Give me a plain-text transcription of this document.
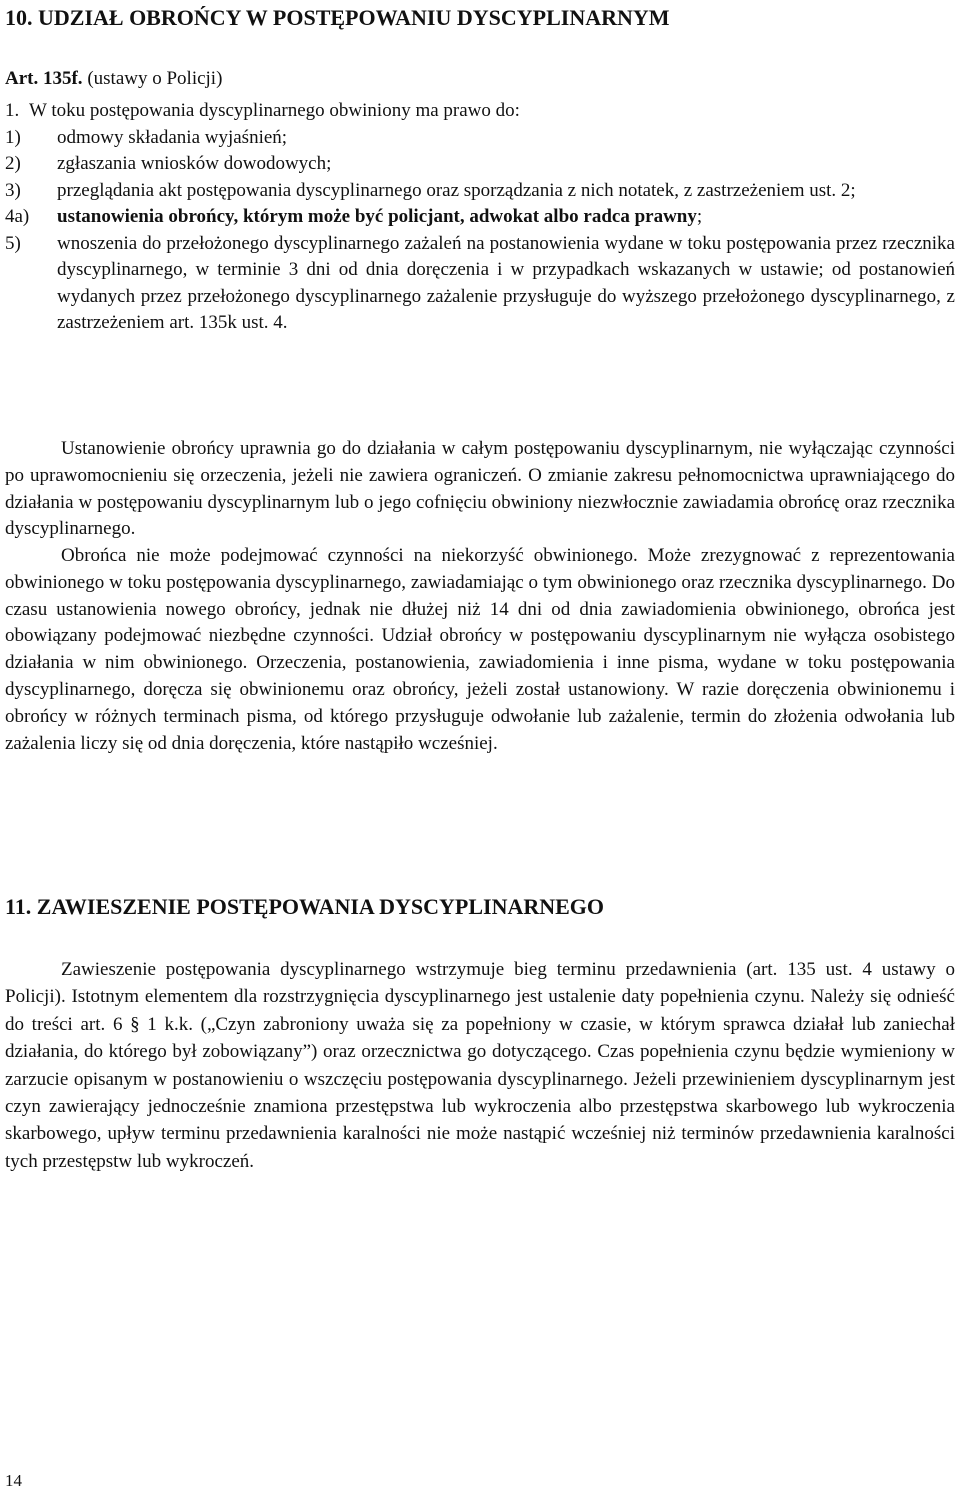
10. UDZIAŁ OBROŃCY W POSTĘPOWANIU DYSCYPLINARNYM
Art. 135f. (ustawy o Policji)
1. W toku postępowania dyscyplinarnego obwiniony ma prawo do:
1) odmowy składania wyjaśnień;
2) zgłaszania wniosków dowodowych;
3) przeglądania akt postępowania dyscyplinarnego oraz sporządzania z nich notatek, z zastrzeżeniem ust. 2;
4a) ustanowienia obrońcy, którym może być policjant, adwokat albo radca prawny;
5) wnoszenia do przełożonego dyscyplinarnego zażaleń na postanowienia wydane w toku postępowania przez rzecznika dyscyplinarnego, w terminie 3 dni od dnia doręczenia i w przypadkach wskazanych w ustawie; od postanowień wydanych przez przełożonego dyscyplinarnego zażalenie przysługuje do wyższego przełożonego dyscyplinarnego, z zastrzeżeniem art. 135k ust. 4.

Ustanowienie obrońcy uprawnia go do działania w całym postępowaniu dyscyplinarnym, nie wyłączając czynności po uprawomocnieniu się orzeczenia, jeżeli nie zawiera ograniczeń. O zmianie zakresu pełnomocnictwa uprawniającego do działania w postępowaniu dyscyplinarnym lub o jego cofnięciu obwiniony niezwłocznie zawiadamia obrońcę oraz rzecznika dyscyplinarnego.

Obrońca nie może podejmować czynności na niekorzyść obwinionego. Może zrezygnować z reprezentowania obwinionego w toku postępowania dyscyplinarnego, zawiadamiając o tym obwinionego oraz rzecznika dyscyplinarnego. Do czasu ustanowienia nowego obrońcy, jednak nie dłużej niż 14 dni od dnia zawiadomienia obwinionego, obrońca jest obowiązany podejmować niezbędne czynności. Udział obrońcy w postępowaniu dyscyplinarnym nie wyłącza osobistego działania w nim obwinionego. Orzeczenia, postanowienia, zawiadomienia i inne pisma, wydane w toku postępowania dyscyplinarnego, doręcza się obwinionemu oraz obrońcy, jeżeli został ustanowiony. W razie doręczenia obwinionemu i obrońcy w różnych terminach pisma, od którego przysługuje odwołanie lub zażalenie, termin do złożenia odwołania lub zażalenia liczy się od dnia doręczenia, które nastąpiło wcześniej.

11. ZAWIESZENIE POSTĘPOWANIA DYSCYPLINARNEGO

Zawieszenie postępowania dyscyplinarnego wstrzymuje bieg terminu przedawnienia (art. 135 ust. 4 ustawy o Policji). Istotnym elementem dla rozstrzygnięcia dyscyplinarnego jest ustalenie daty popełnienia czynu. Należy się odnieść do treści art. 6 § 1 k.k. („Czyn zabroniony uważa się za popełniony w czasie, w którym sprawca działał lub zaniechał działania, do którego był zobowiązany”) oraz orzecznictwa go dotyczącego. Czas popełnienia czynu będzie wymieniony w zarzucie opisanym w postanowieniu o wszczęciu postępowania dyscyplinarnego. Jeżeli przewinieniem dyscyplinarnym jest czyn zawierający jednocześnie znamiona przestępstwa lub wykroczenia albo przestępstwa skarbowego lub wykroczenia skarbowego, upływ terminu przedawnienia karalności nie może nastąpić wcześniej niż terminów przedawnienia karalności tych przestępstw lub wykroczeń.

14
